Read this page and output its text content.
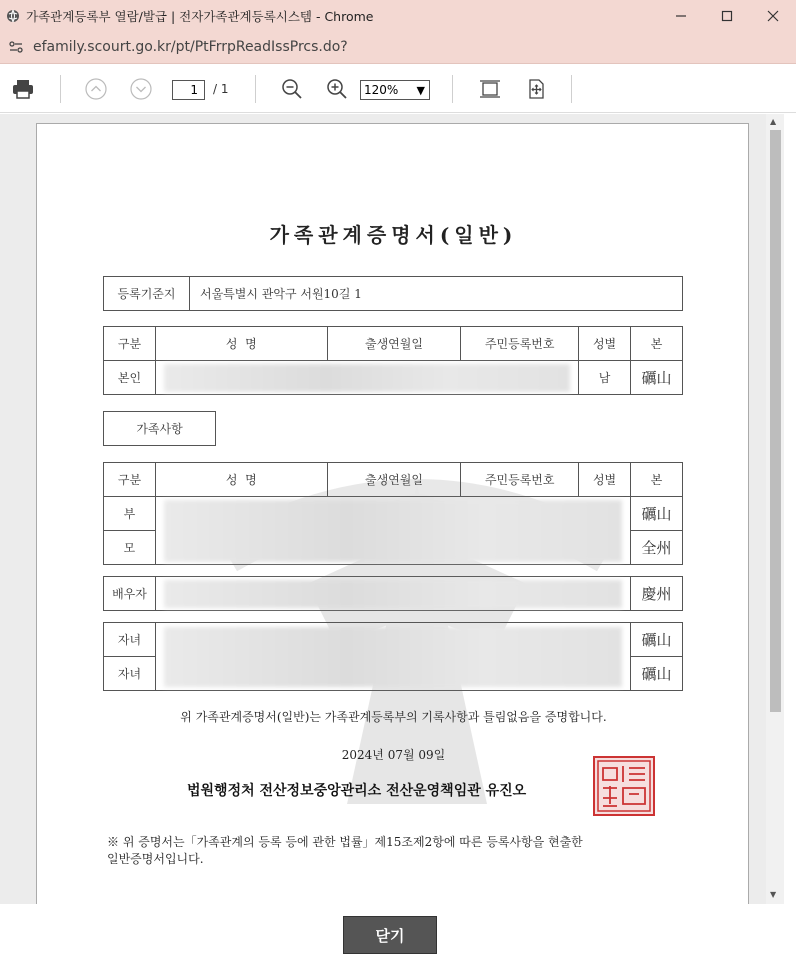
가족관계등록부 열람/발급 | 전자가족관계등록시스템 - Chrome
efamily.scourt.go.kr/pt/PtFrrpReadIssPrcs.do?
1	/ 1	120% ▼
가족관계증명서(일반)
등록기준지	서울특별시 관악구 서원10길 1
구분	성  명	출생연월일	주민등록번호	성별	본
본인				남	礪山
가족사항
구분	성  명	출생연월일	주민등록번호	성별	본
부					礪山
모					全州
배우자		慶州
자녀		礪山
자녀		礪山
위 가족관계증명서(일반)는 가족관계등록부의 기록사항과 틀림없음을 증명합니다.
2024년 07월 09일
법원행정처 전산정보중앙관리소 전산운영책임관 유진오
※ 위 증명서는「가족관계의 등록 등에 관한 법률」제15조제2항에 따른 등록사항을 현출한
일반증명서입니다.
▲
▼
닫기
